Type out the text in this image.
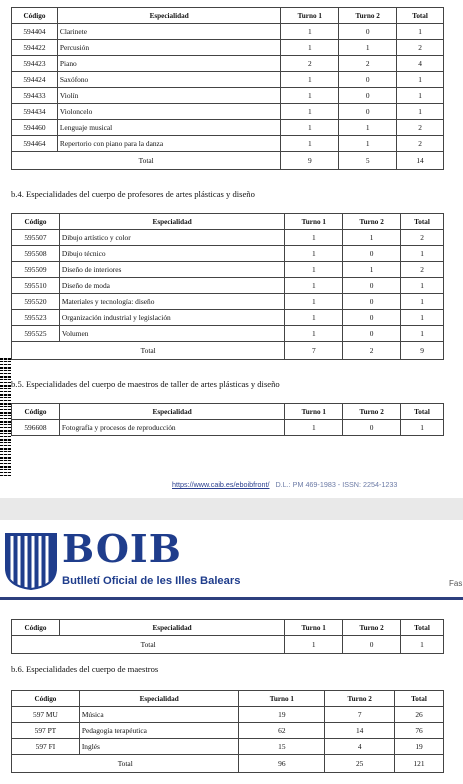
Código	Especialidad	Turno 1	Turno 2	Total
594404	Clarinete	1	0	1
594422	Percusión	1	1	2
594423	Piano	2	2	4
594424	Saxófono	1	0	1
594433	Violín	1	0	1
594434	Violoncelo	1	0	1
594460	Lenguaje musical	1	1	2
594464	Repertorio con piano para la danza	1	1	2
Total		9	5	14
b.4. Especialidades del cuerpo de profesores de artes plásticas y diseño
Código	Especialidad	Turno 1	Turno 2	Total
595507	Dibujo artístico y color	1	1	2
595508	Dibujo técnico	1	0	1
595509	Diseño de interiores	1	1	2
595510	Diseño de moda	1	0	1
595520	Materiales y tecnología: diseño	1	0	1
595523	Organización industrial y legislación	1	0	1
595525	Volumen	1	0	1
Total		7	2	9
b.5. Especialidades del cuerpo de maestros de taller de artes plásticas y diseño
Código	Especialidad	Turno 1	Turno 2	Total
596608	Fotografía y procesos de reproducción	1	0	1
https://www.caib.es/eboibfront/ D.L.: PM 469-1983 - ISSN: 2254-1233
BOIB
Butlletí Oficial de les Illes Balears	Fas
Código	Especialidad	Turno 1	Turno 2	Total
Total		1	0	1
b.6. Especialidades del cuerpo de maestros
Código	Especialidad	Turno 1	Turno 2	Total
597 MU	Música	19	7	26
597 PT	Pedagogía terapéutica	62	14	76
597 FI	Inglés	15	4	19
Total		96	25	121
